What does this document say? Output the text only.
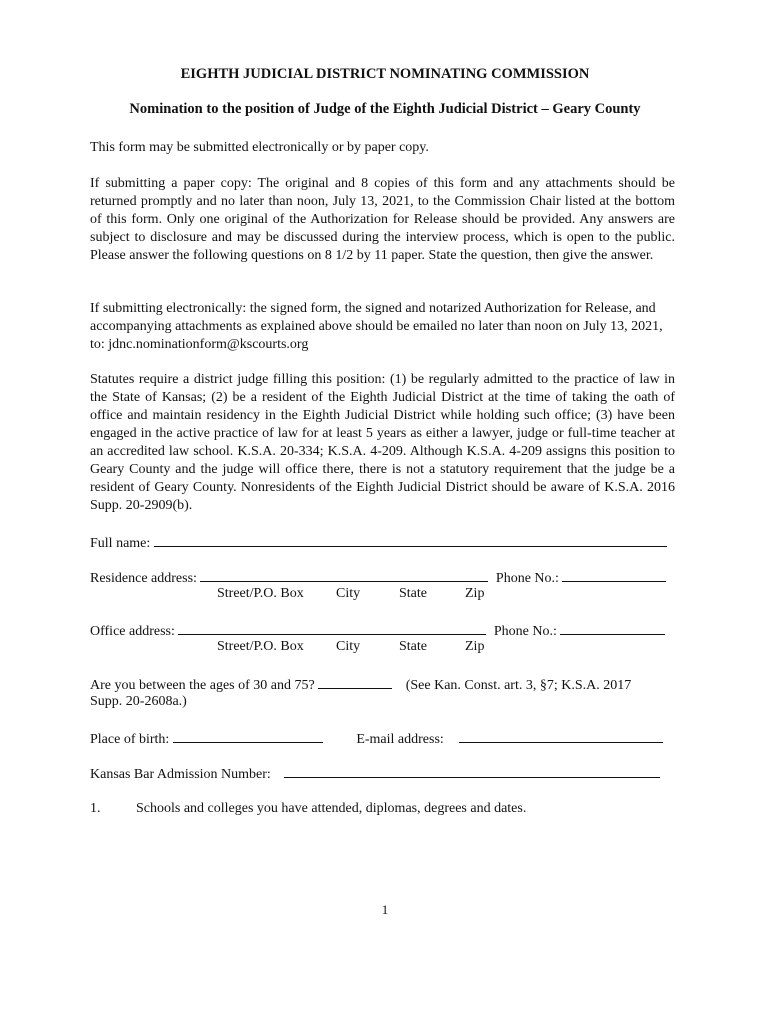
EIGHTH JUDICIAL DISTRICT NOMINATING COMMISSION
Nomination to the position of Judge of the Eighth Judicial District – Geary County

This form may be submitted electronically or by paper copy.

If submitting a paper copy: The original and 8 copies of this form and any attachments should be returned promptly and no later than noon, July 13, 2021, to the Commission Chair listed at the bottom of this form. Only one original of the Authorization for Release should be provided. Any answers are subject to disclosure and may be discussed during the interview process, which is open to the public. Please answer the following questions on 8 1/2 by 11 paper. State the question, then give the answer.

If submitting electronically: the signed form, the signed and notarized Authorization for Release, and accompanying attachments as explained above should be emailed no later than noon on July 13, 2021, to: jdnc.nominationform@kscourts.org

Statutes require a district judge filling this position: (1) be regularly admitted to the practice of law in the State of Kansas; (2) be a resident of the Eighth Judicial District at the time of taking the oath of office and maintain residency in the Eighth Judicial District while holding such office; (3) have been engaged in the active practice of law for at least 5 years as either a lawyer, judge or full-time teacher at an accredited law school. K.S.A. 20-334; K.S.A. 4-209. Although K.S.A. 4-209 assigns this position to Geary County and the judge will office there, there is not a statutory requirement that the judge be a resident of Geary County. Nonresidents of the Eighth Judicial District should be aware of K.S.A. 2016 Supp. 20-2909(b).

Full name:
Residence address:	Phone No.:
Street/P.O. Box City	State	Zip
Office address:	Phone No.:
Street/P.O. Box City	State	Zip
Are you between the ages of 30 and 75?	(See Kan. Const. art. 3, §7; K.S.A. 2017
Supp. 20-2608a.)
Place of birth:	E-mail address:
Kansas Bar Admission Number:
1.	Schools and colleges you have attended, diplomas, degrees and dates.
1
